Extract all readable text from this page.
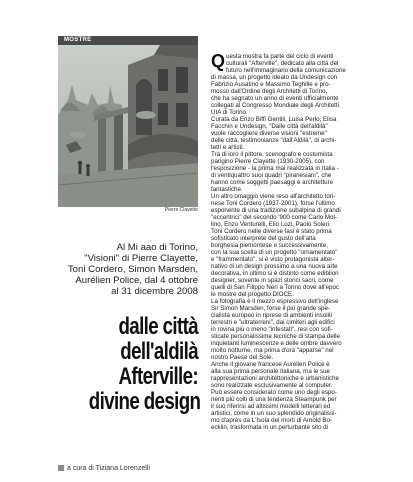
MOSTRE
Pierre Clayette
Al Mi aao di Torino,
"Visioni" di Pierre Clayette,
Toni Cordero, Simon Marsden,
Aurélien Police, dal 4 ottobre
al 31 dicembre 2008
dalle città
dell'aldilà
Afterville:
divine design
a cura di Tiziana Lorenzelli
Q uesta mostra fa parte del ciclo di eventi
culturali "Afterville", dedicato alla città del
futuro nell'immaginario della comunicazione
di massa, un progetto ideato da Undesign con
Fabrizio Ausatino e Massimo Teghille e pro-
mosso dall'Ordine degli Architetti di Torino,
che ha segnato un anno di eventi ufficialmente
collegati al Congresso Mondiale degli Architetti
UIA di Torino.
Curata da Enzo Biffi Gentili, Luisa Perlo, Elisa
Facchin e Undesign, "Dalle città dell'aldilà"
vuole raccogliere diverse visioni "estreme"
delle città, testimonianze "dall'Aldilà", di archi-
tetti e artisti.
Tra di loro il pittore, scenografo e costumista
parigino Pierre Clayette (1930-2005), con
l'esposizione - la prima mai realizzata in Italia -
di ventiquattro suoi quadri "piranesiani", che
hanno come soggetti paesaggi e architetture
fantastiche.
Un altro omaggio viene reso all'architetto tori-
nese Toni Cordero (1937-2001), forse l'ultimo
esponente di una tradizione subalpina di grandi
"eccentrici" del secondo '900 come Carlo Mol-
lino, Enzo Venturelli, Elio Luzi, Paolo Soleri.
Toni Cordero nelle diverse fasi è stato prima
sofisticato interprete del gusto dell'alta
borghesia piemontese e successivamente,
con la sua scelta di un progetto "ornamentato"
e "frammentato", si è visto protagonista alter-
nativo di un design prossimo a una nuova arte
decorativa, in ultimo si è distinto come ediblion
designer, sovente in spazi storici sacri, come
quelli di San Filippo Neri a Torino dove all'epoc
le mostre del progetto DIOCE.
La fotografia è il mezzo espressivo dell'inglese
Sir Simon Marsden, forse il più grande spe-
cialista europeo in riprese di ambienti insoliti
terrestri e "ultraterreni", dai cimiteri agli edifici
in rovina più o meno "infestati", resi con sofi-
sticate personalissime tecniche di stampa delle
inquietanti luminescenze e delle ombre davvero
molto notturne, ma prima d'ora "apparse" nel
nostro Paese del Sole.
Anche il giovane francese Aurélien Police è
alla sua prima personale italiana, ma le sue
rappresentazioni architettoniche e urbanistiche
sono realizzate esclusivamente al computer.
Può essere considerato come uno degli espo-
nenti più colti di una tendenza Steampunk per
il suo riferirsi ad altissimi modelli letterari ed
artistici, come in un suo splendido originalissi-
mo d'après da L'Isola dei morti di Arnold Bo-
ecklin, trasformata in un perturbante sito di
